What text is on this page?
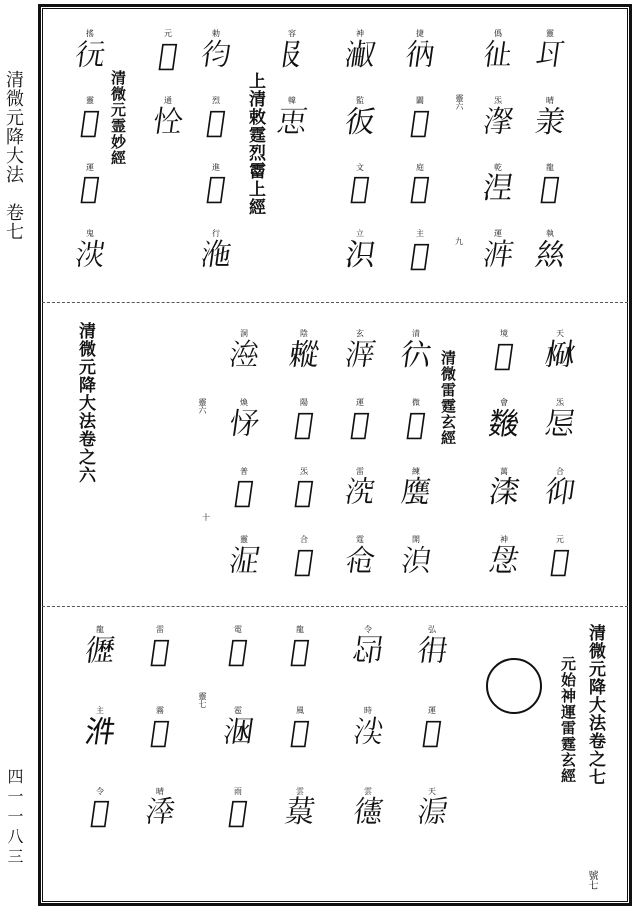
清微元降大法　卷七
四一一八三
上清敕霆烈霤上經
清微元霊妙經
靈
𠁾
晴
𣴎
龍
𣲖
執
𢇃
僞
𢓊
炁
𣸏
乾
𣵀
運
𣴿
捷
𢓇
闢
𢖕
庭
𢋧
主
𣵁
神
𣸎
監
𢓉
文
𣴏
立
𣲵
容
𠬝
韓
𢘑
勅
𢓈
烈
𣵂
進
𢕜
行
𣴾
元
𣵃
通
𢘐
搖
𢓆
靈
𣵄
運
𢋨
鬼
𣴽
清微元降大法卷之六	清微雷霆玄經
天
𣸐
炁
𢘒
合
𢓋
元
𣵅
境
𣴐
會
𢖖
萬
𣸑
神
𢘓
清
𢓌
微
𣵆
練
𢋩
開
𣴼
玄
𣸒
運
𢓍
雷
𣵇
霆
𢘔
陰
𢖗
陽
𣴑
炁
𢓎
合
𣵈
洞
𣸓
煥
𢘕
普
𢋪
靈
𣴻
清微元降大法卷之七
元始神運雷霆玄經
弘
𢓏
運
𣵉
天
𣸔
令
𢘖
時
𣴒
雲
𢖘
龍
𣵊
風
𢓐
雲
𣸕
電
𢋫
雹
𣴺
雨
𢘗
雷
𢓑
霧
𣵋
晴
𣸖
龍
𢖙
主
𣴓
令
𢘘
靈六
九
靈六
十
靈七
號七
